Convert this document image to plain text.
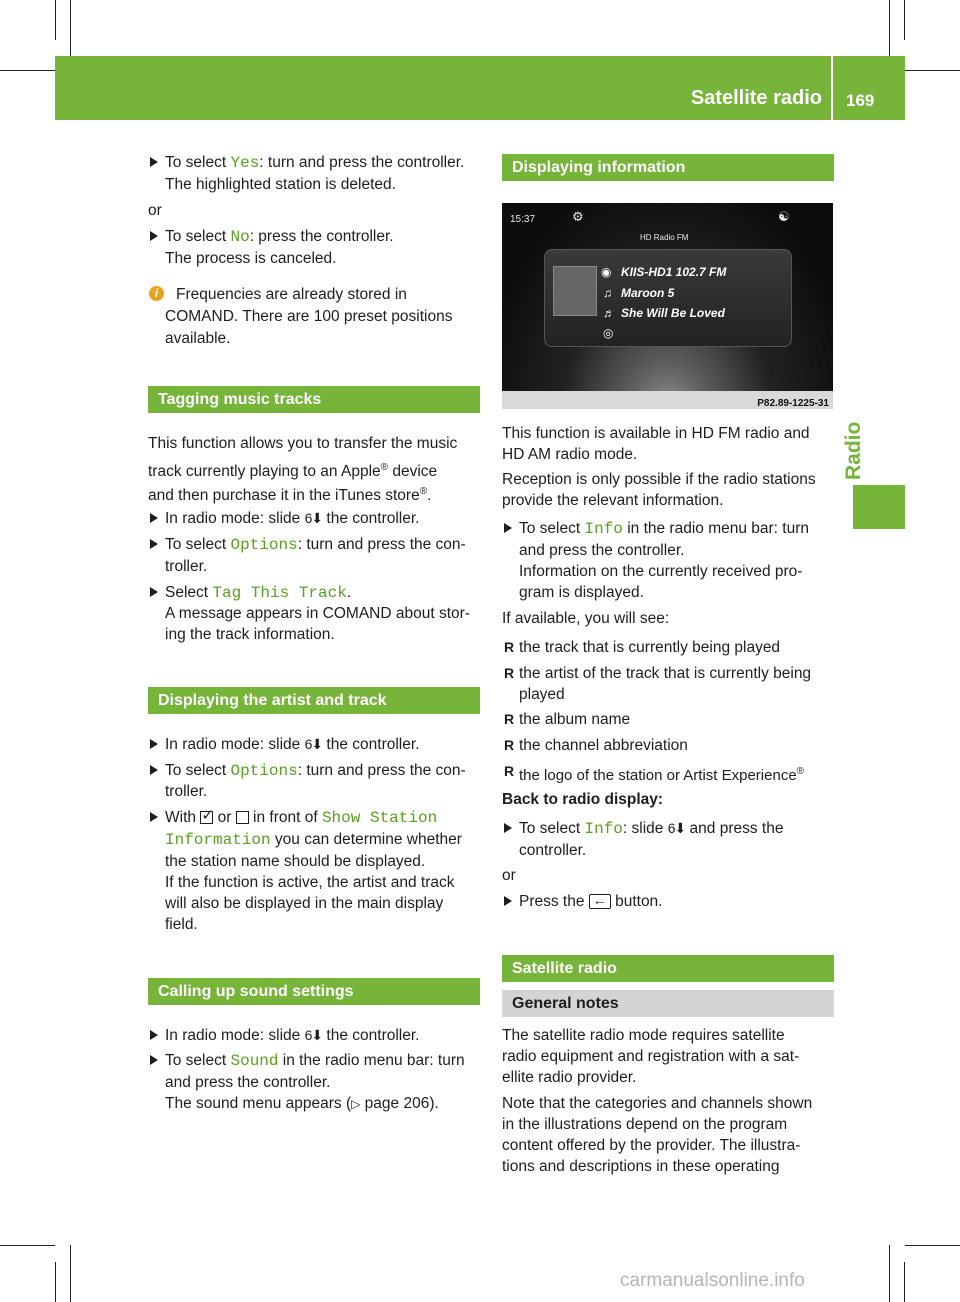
Satellite radio 169
Radio
To select Yes: turn and press the controller.
The highlighted station is deleted.
or
To select No: press the controller.
The process is canceled.
i	Frequencies are already stored in
COMAND. There are 100 preset positions
available.
Tagging music tracks
This function allows you to transfer the music
track currently playing to an Apple® device
and then purchase it in the iTunes store®.
In radio mode: slide 6⬇ the controller.
To select Options: turn and press the con-
troller.
Select Tag This Track.
A message appears in COMAND about stor-
ing the track information.
Displaying the artist and track
In radio mode: slide 6⬇ the controller.
To select Options: turn and press the con-
troller.
With ✓ or  in front of Show Station
Information you can determine whether
the station name should be displayed.
If the function is active, the artist and track
will also be displayed in the main display
field.
Calling up sound settings
In radio mode: slide 6⬇ the controller.
To select Sound in the radio menu bar: turn
and press the controller.
The sound menu appears (▷ page 206).
Displaying information
15:37	⚙	☯
HD Radio FM
◉ KIIS-HD1 102.7 FM
♫ Maroon 5
♬ She Will Be Loved
◎
P82.89-1225-31
This function is available in HD FM radio and
HD AM radio mode.
Reception is only possible if the radio stations
provide the relevant information.
To select Info in the radio menu bar: turn
and press the controller.
Information on the currently received pro-
gram is displayed.
If available, you will see:
R the track that is currently being played
R the artist of the track that is currently being
played
R the album name
R the channel abbreviation
R the logo of the station or Artist Experience®
Back to radio display:
To select Info: slide 6⬇ and press the
controller.
or
Press the ← button.
Satellite radio
General notes
The satellite radio mode requires satellite
radio equipment and registration with a sat-
ellite radio provider.
Note that the categories and channels shown
in the illustrations depend on the program
content offered by the provider. The illustra-
tions and descriptions in these operating
carmanualsonline.info
